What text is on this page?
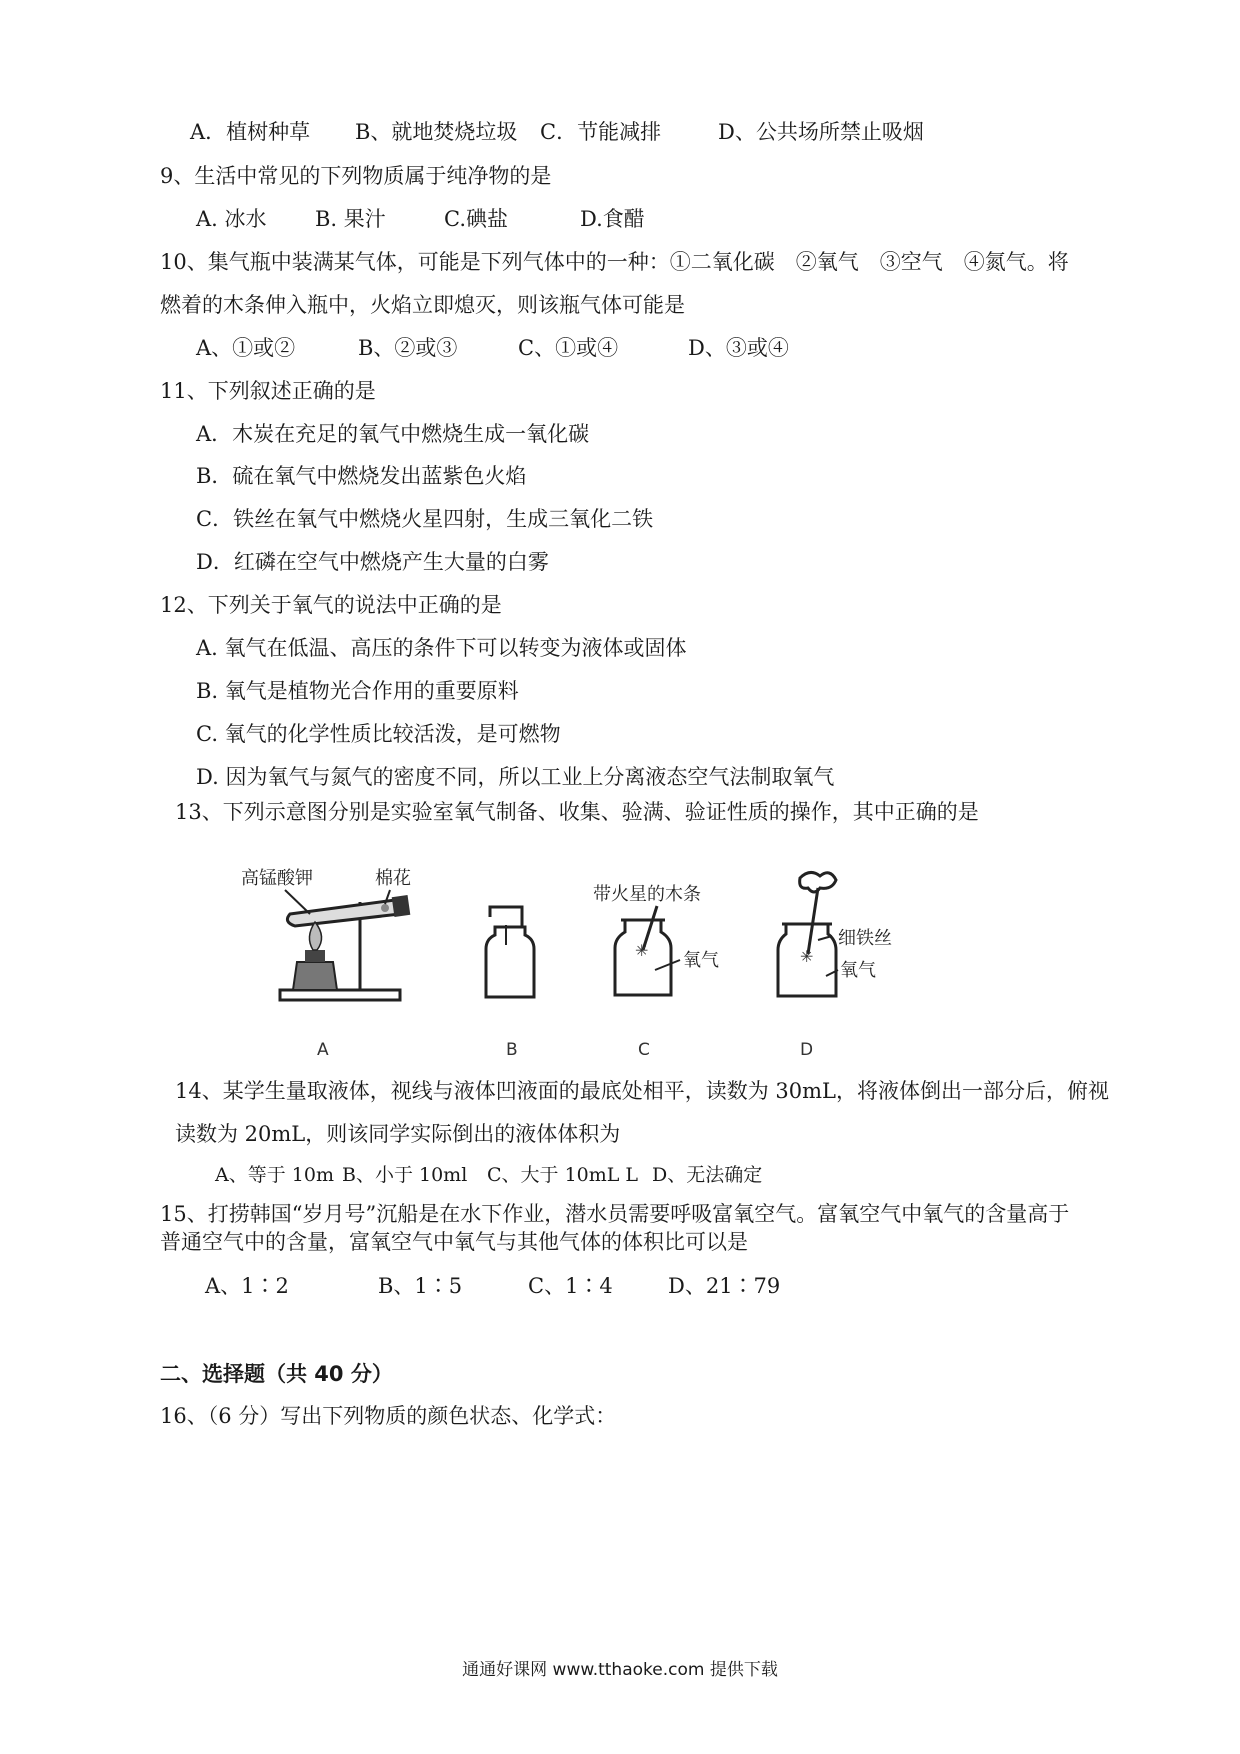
A．植树种草 B、就地焚烧垃圾 C．节能减排	D、公共场所禁止吸烟
9、生活中常见的下列物质属于纯净物的是
A. 冰水 B. 果汁	C.碘盐	D.食醋
10、集气瓶中装满某气体，可能是下列气体中的一种：①二氧化碳　②氧气　③空气　④氮气。将
燃着的木条伸入瓶中，火焰立即熄灭，则该瓶气体可能是
A、①或②	B、②或③	C、①或④	D、③或④
11、下列叙述正确的是
A．木炭在充足的氧气中燃烧生成一氧化碳
B．硫在氧气中燃烧发出蓝紫色火焰
C．铁丝在氧气中燃烧火星四射，生成三氧化二铁
D．红磷在空气中燃烧产生大量的白雾
12、下列关于氧气的说法中正确的是
A. 氧气在低温、高压的条件下可以转变为液体或固体
B. 氧气是植物光合作用的重要原料
C. 氧气的化学性质比较活泼，是可燃物
D. 因为氧气与氮气的密度不同，所以工业上分离液态空气法制取氧气
13、下列示意图分别是实验室氧气制备、收集、验满、验证性质的操作，其中正确的是
高锰酸钾	棉花
A	B
带火星的木条
✳ 氧气
C
✳
细铁丝
氧气
D
14、某学生量取液体，视线与液体凹液面的最底处相平，读数为 30mL，将液体倒出一部分后，俯视
读数为 20mL，则该同学实际倒出的液体体积为
A、等于 10m B、小于 10ml C、大于 10mL L D、无法确定
15、打捞韩国“岁月号”沉船是在水下作业，潜水员需要呼吸富氧空气。富氧空气中氧气的含量高于
普通空气中的含量，富氧空气中氧气与其他气体的体积比可以是
A、1∶2	B、1∶5	C、1∶4	D、21∶79
二、选择题（共 40 分）
16、（6 分）写出下列物质的颜色状态、化学式：
通通好课网 www.tthaoke.com 提供下载
